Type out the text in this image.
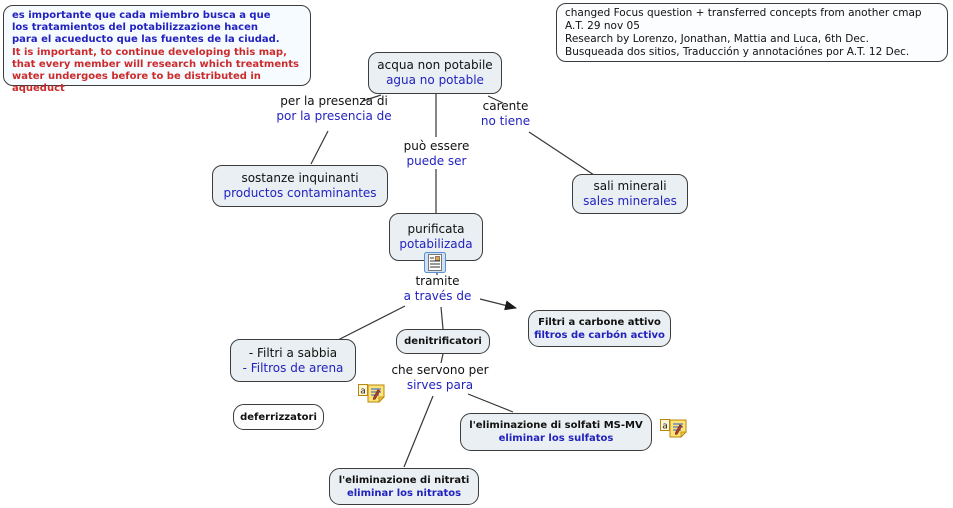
es importante que cada miembro busca a que
los tratamientos del potabilizzazione hacen
para el acueducto que las fuentes de la ciudad.
It is important, to continue developing this map,
that every member will research which treatments
water undergoes before to be distributed in aqueduct
changed Focus question + transferred concepts from another cmap
A.T. 29 nov 05
Research by Lorenzo, Jonathan, Mattia and Luca, 6th Dec.
Busqueada dos sitios, Traducción y annotaciónes por A.T. 12 Dec.
acqua non potabile
agua no potable
per la presenza di
por la presencia de
carente
no tiene
può essere
puede ser
sostanze inquinanti
productos contaminantes	sali minerali
sales minerales
purificata
potabilizada
tramite
a través de
Filtri a carbone attivo
filtros de carbón activo
- Filtri a sabbia
- Filtros de arena
denitrificatori
che servono per
sirves para
a
deferrizzatori
l'eliminazione di solfati MS-MV
eliminar los sulfatos
a
l'eliminazione di nitrati
eliminar los nitratos
